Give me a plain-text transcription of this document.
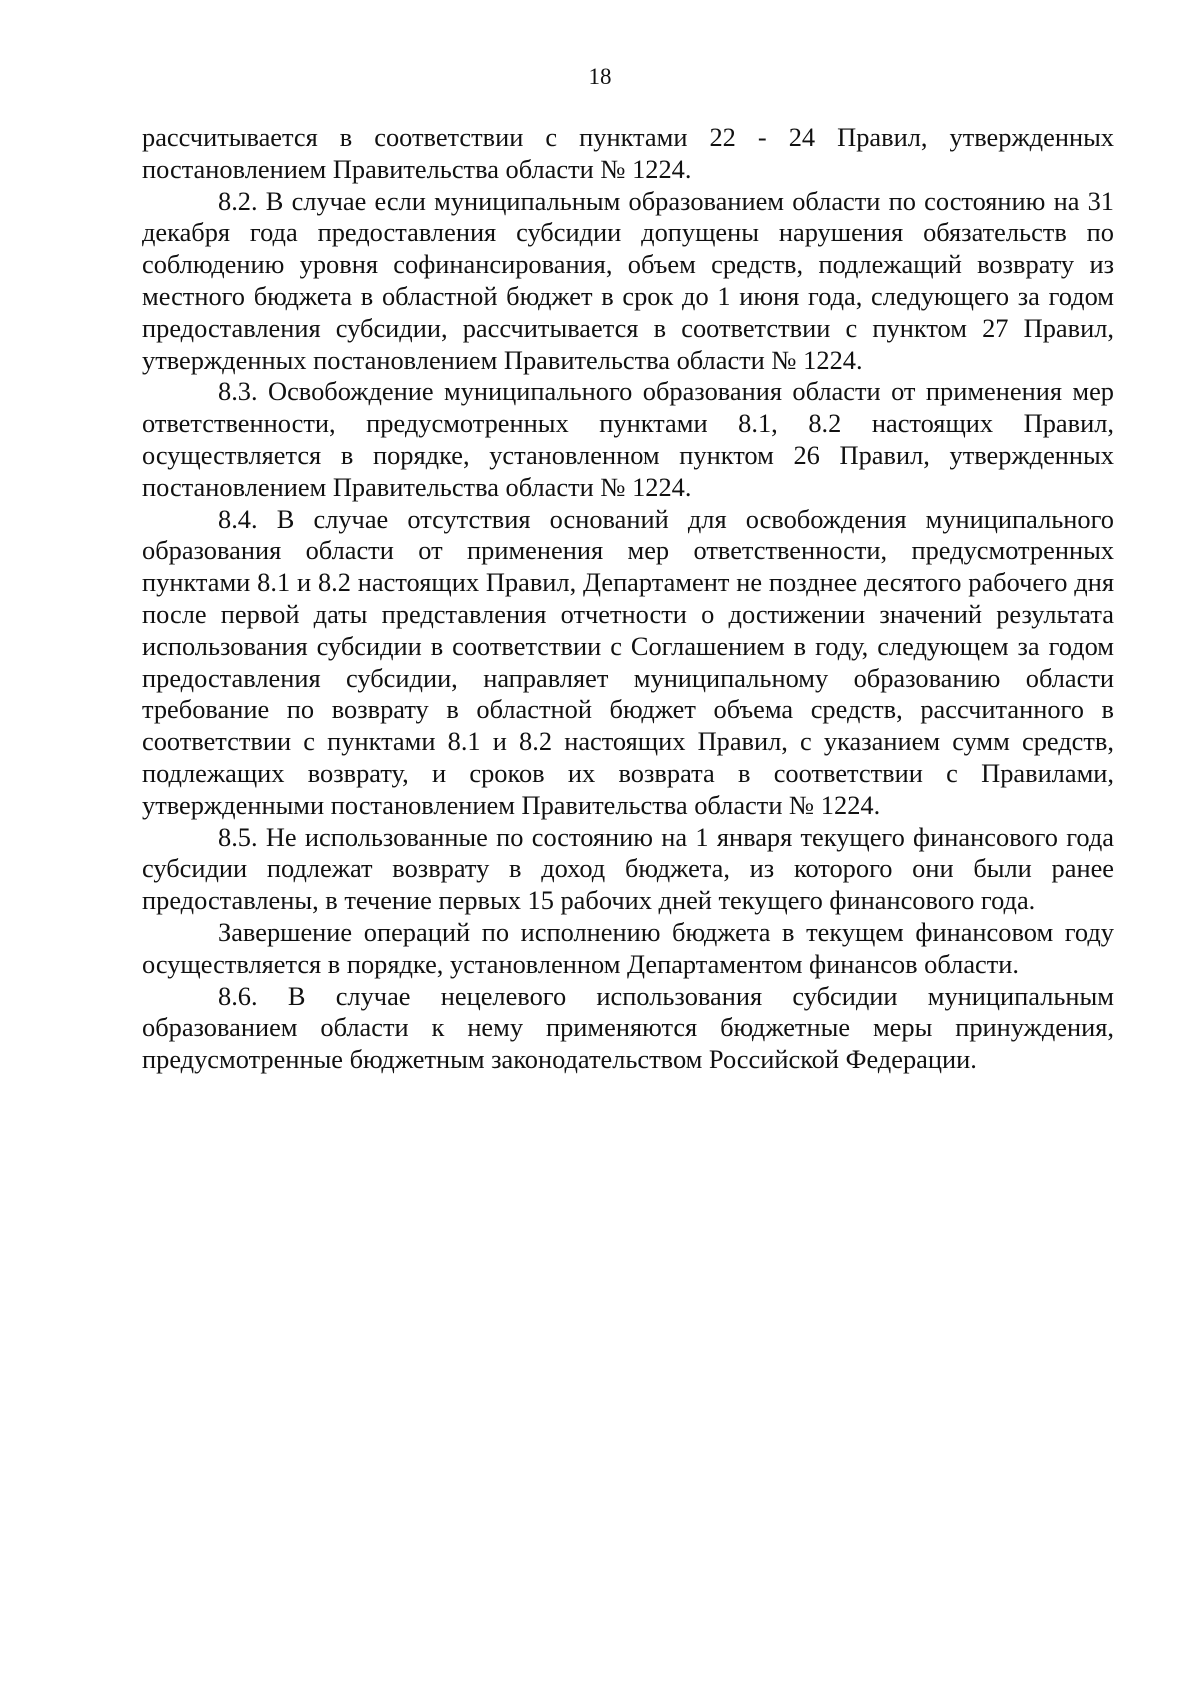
18

рассчитывается в соответствии с пунктами 22 - 24 Правил, утвержденных постановлением Правительства области № 1224.

8.2. В случае если муниципальным образованием области по состоянию на 31 декабря года предоставления субсидии допущены нарушения обязательств по соблюдению уровня софинансирования, объем средств, подлежащий возврату из местного бюджета в областной бюджет в срок до 1 июня года, следующего за годом предоставления субсидии, рассчитывается в соответствии с пунктом 27 Правил, утвержденных постановлением Правительства области № 1224.

8.3. Освобождение муниципального образования области от применения мер ответственности, предусмотренных пунктами 8.1, 8.2 настоящих Правил, осуществляется в порядке, установленном пунктом 26 Правил, утвержденных постановлением Правительства области № 1224.

8.4. В случае отсутствия оснований для освобождения муниципального образования области от применения мер ответственности, предусмотренных пунктами 8.1 и 8.2 настоящих Правил, Департамент не позднее десятого рабочего дня после первой даты представления отчетности о достижении значений результата использования субсидии в соответствии с Соглашением в году, следующем за годом предоставления субсидии, направляет муниципальному образованию области требование по возврату в областной бюджет объема средств, рассчитанного в соответствии с пунктами 8.1 и 8.2 настоящих Правил, с указанием сумм средств, подлежащих возврату, и сроков их возврата в соответствии с Правилами, утвержденными постановлением Правительства области № 1224.

8.5. Не использованные по состоянию на 1 января текущего финансового года субсидии подлежат возврату в доход бюджета, из которого они были ранее предоставлены, в течение первых 15 рабочих дней текущего финансового года.

Завершение операций по исполнению бюджета в текущем финансовом году осуществляется в порядке, установленном Департаментом финансов области.

8.6. В случае нецелевого использования субсидии муниципальным образованием области к нему применяются бюджетные меры принуждения, предусмотренные бюджетным законодательством Российской Федерации.
